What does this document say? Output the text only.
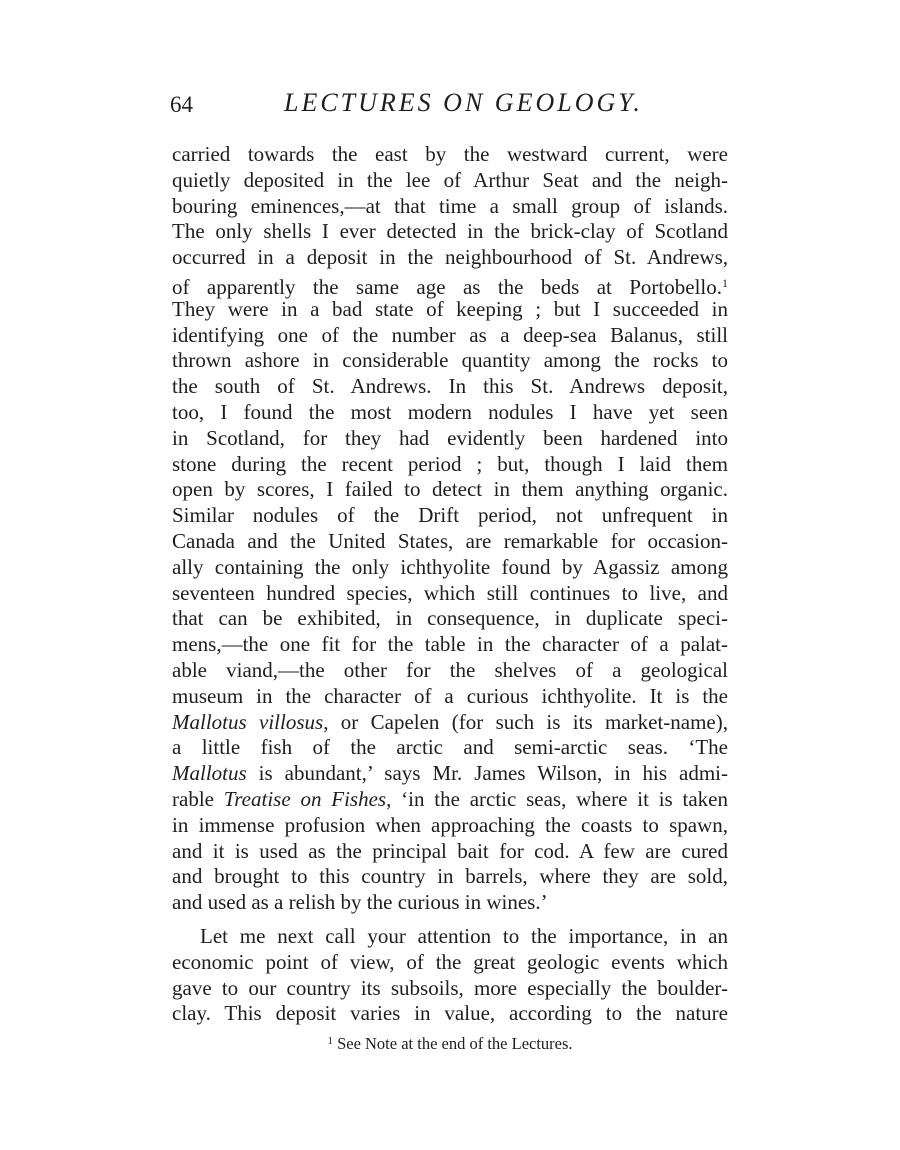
64	LECTURES ON GEOLOGY.
carried towards the east by the westward current, were
quietly deposited in the lee of Arthur Seat and the neigh-
bouring eminences,—at that time a small group of islands.
The only shells I ever detected in the brick-clay of Scotland
occurred in a deposit in the neighbourhood of St. Andrews,
of apparently the same age as the beds at Portobello.$^1$
They were in a bad state of keeping ; but I succeeded in
identifying one of the number as a deep-sea Balanus, still
thrown ashore in considerable quantity among the rocks to
the south of St. Andrews. In this St. Andrews deposit,
too, I found the most modern nodules I have yet seen
in Scotland, for they had evidently been hardened into
stone during the recent period ; but, though I laid them
open by scores, I failed to detect in them anything organic.
Similar nodules of the Drift period, not unfrequent in
Canada and the United States, are remarkable for occasion-
ally containing the only ichthyolite found by Agassiz among
seventeen hundred species, which still continues to live, and
that can be exhibited, in consequence, in duplicate speci-
mens,—the one fit for the table in the character of a palat-
able viand,—the other for the shelves of a geological
museum in the character of a curious ichthyolite. It is the
Mallotus villosus, or Capelen (for such is its market-name),
a little fish of the arctic and semi-arctic seas. ‘The
Mallotus is abundant,’ says Mr. James Wilson, in his admi-
rable Treatise on Fishes, ‘in the arctic seas, where it is taken
in immense profusion when approaching the coasts to spawn,
and it is used as the principal bait for cod. A few are cured
and brought to this country in barrels, where they are sold,
and used as a relish by the curious in wines.’
Let me next call your attention to the importance, in an
economic point of view, of the great geologic events which
gave to our country its subsoils, more especially the boulder-
clay. This deposit varies in value, according to the nature
$^1$ See Note at the end of the Lectures.
